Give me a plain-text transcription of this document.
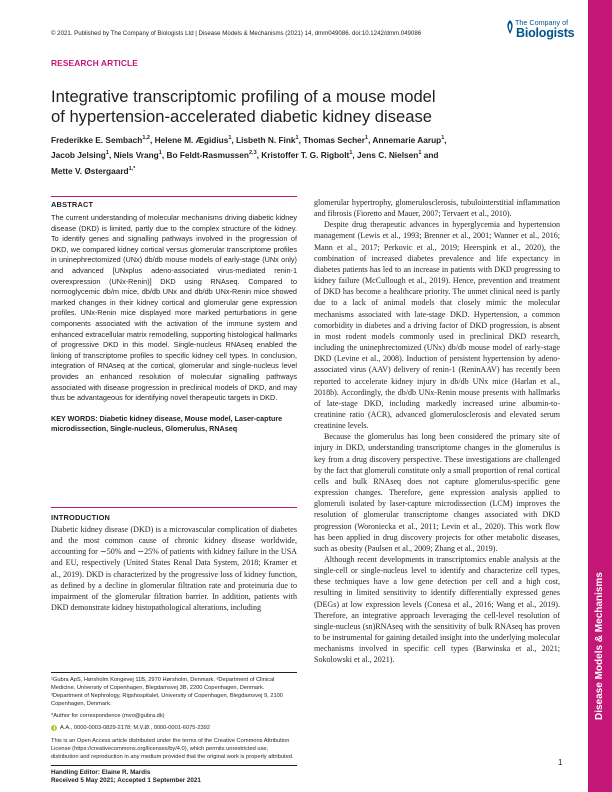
© 2021. Published by The Company of Biologists Ltd | Disease Models & Mechanisms (2021) 14, dmm049086. doi:10.1242/dmm.049086
The Company of
Biologists
RESEARCH ARTICLE
Integrative transcriptomic profiling of a mouse model
of hypertension-accelerated diabetic kidney disease
Frederikke E. Sembach$^{1,2}$, Helene M. Ægidius$^1$, Lisbeth N. Fink$^1$, Thomas Secher$^1$, Annemarie Aarup$^1$,
Jacob Jelsing$^1$, Niels Vrang$^1$, Bo Feldt-Rasmussen$^{2,3}$, Kristoffer T. G. Rigbolt$^1$, Jens C. Nielsen$^1$ and
Mette V. Østergaard$^{1,*}$
Disease Models & Mechanisms
ABSTRACT
The current understanding of molecular mechanisms driving diabetic kidney disease (DKD) is limited, partly due to the complex structure of the kidney. To identify genes and signalling pathways involved in the progression of DKD, we compared kidney cortical versus glomerular transcriptome profiles in uninephrectomized (UNx) db/db mouse models of early-stage (UNx only) and advanced [UNxplus adeno-associated virus-mediated renin-1 overexpression (UNx-Renin)] DKD using RNAseq. Compared to normoglycemic db/m mice, db/db UNx and db/db UNx-Renin mice showed marked changes in their kidney cortical and glomerular gene expression profiles. UNx-Renin mice displayed more marked perturbations in gene components associated with the activation of the immune system and enhanced extracellular matrix remodelling, supporting histological hallmarks of progressive DKD in this model. Single-nucleus RNAseq enabled the linking of transcriptome profiles to specific kidney cell types. In conclusion, integration of RNAseq at the cortical, glomerular and single-nucleus level provides an enhanced resolution of molecular signalling pathways associated with disease progression in preclinical models of DKD, and may thus be advantageous for identifying novel therapeutic targets in DKD.
KEY WORDS: Diabetic kidney disease, Mouse model, Laser-capture microdissection, Single-nucleus, Glomerulus, RNAseq
INTRODUCTION
Diabetic kidney disease (DKD) is a microvascular complication of diabetes and the most common cause of chronic kidney disease worldwide, accounting for ∼50% and ∼25% of patients with kidney failure in the USA and EU, respectively (United States Renal Data System, 2018; Kramer et al., 2019). DKD is characterized by the progressive loss of kidney function, as defined by a decline in glomerular filtration rate and proteinuria due to impairment of the glomerular filtration barrier. In addition, patients with DKD demonstrate kidney histopathological alterations, including
¹Gubra ApS, Hørsholm Kongevej 11B, 2970 Hørsholm, Denmark. ²Department of Clinical Medicine, University of Copenhagen, Blegdamsvej 3B, 2200 Copenhagen, Denmark. ³Department of Nephrology, Rigshospitalet, University of Copenhagen, Blegdamsvej 9, 2100 Copenhagen, Denmark.
*Author for correspondence (mvo@gubra.dk)
A.A., 0000-0003-0829-2178; M.V.Ø., 0000-0001-6075-2392
This is an Open Access article distributed under the terms of the Creative Commons Attribution License (https://creativecommons.org/licenses/by/4.0), which permits unrestricted use, distribution and reproduction in any medium provided that the original work is properly attributed.
Handling Editor: Elaine R. Mardis
Received 5 May 2021; Accepted 1 September 2021

glomerular hypertrophy, glomerulosclerosis, tubulointerstitial inflammation and fibrosis (Fioretto and Mauer, 2007; Tervaert et al., 2010).

Despite drug therapeutic advances in hyperglycemia and hypertension management (Lewis et al., 1993; Brenner et al., 2001; Wanner et al., 2016; Mann et al., 2017; Perkovic et al., 2019; Heerspink et al., 2020), the combination of increased diabetes prevalence and life expectancy in diabetes patients has led to an increase in patients with DKD progressing to kidney failure (McCullough et al., 2019). Hence, prevention and treatment of DKD has become a healthcare priority. The unmet clinical need is partly due to a lack of animal models that closely mimic the molecular mechanisms associated with late-stage DKD. Hypertension, a common comorbidity in diabetes and a driving factor of DKD progression, is absent in most rodent models commonly used in preclinical DKD research, including the uninephrectomized (UNx) db/db mouse model of early-stage DKD (Levine et al., 2008). Induction of persistent hypertension by adeno-associated virus (AAV) delivery of renin-1 (ReninAAV) has recently been reported to accelerate kidney injury in db/db UNx mice (Harlan et al., 2018b). Accordingly, the db/db UNx-Renin mouse presents with hallmarks of late-stage DKD, including markedly increased urine albumin-to-creatinine ratio (ACR), advanced glomerulosclerosis and elevated serum creatinine levels.

Because the glomerulus has long been considered the primary site of injury in DKD, understanding transcriptome changes in the glomerulus is key from a drug discovery perspective. These investigations are challenged by the fact that glomeruli constitute only a small proportion of renal cortical cells and bulk RNAseq does not capture glomerulus-specific gene expression changes. Therefore, gene expression analysis applied to glomeruli isolated by laser-capture microdissection (LCM) improves the resolution of glomerular transcriptome changes associated with DKD progression (Woroniecka et al., 2011; Levin et al., 2020). This work flow has been applied in drug discovery projects for other metabolic diseases, such as obesity (Paulsen et al., 2009; Zhang et al., 2019).

Although recent developments in transcriptomics enable analysis at the single-cell or single-nucleus level to identify and characterize cell types, these techniques have a low gene detection per cell and a high cost, resulting in limited sensitivity to identify differentially expressed genes (DEGs) at low expression levels (Conesa et al., 2016; Wang et al., 2019). Therefore, an integrative approach leveraging the cell-level resolution of single-nucleus (sn)RNAseq with the sensitivity of bulk RNAseq has proven to be instrumental for gaining detailed insight into the underlying molecular mechanisms involved in specific cell types (Barwinska et al., 2021; Sokolowski et al., 2021).

1
